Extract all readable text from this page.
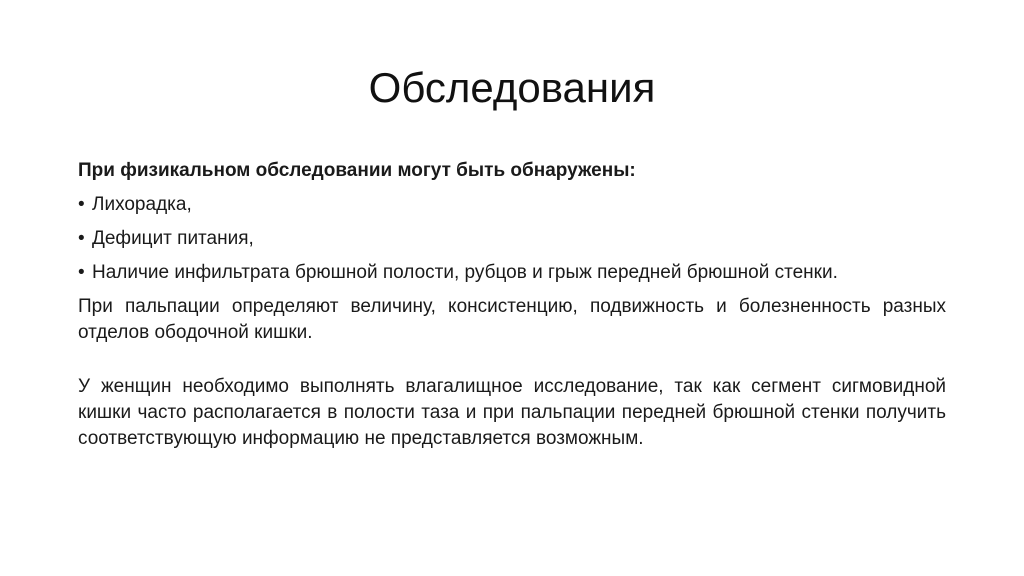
Обследования

При физикальном обследовании могут быть обнаружены:

• Лихорадка,
• Дефицит питания,
• Наличие инфильтрата брюшной полости, рубцов и грыж передней брюшной стенки.

При пальпации определяют величину, консистенцию, подвижность и болезненность разных отделов ободочной кишки.

У женщин необходимо выполнять влагалищное исследование, так как сегмент сигмовидной кишки часто располагается в полости таза и при пальпации передней брюшной стенки получить соответствующую информацию не представляется возможным.
